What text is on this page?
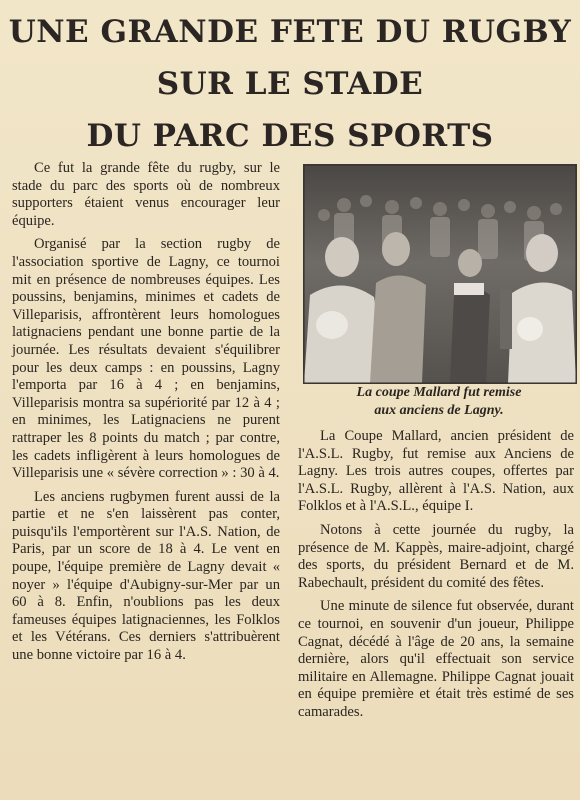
UNE GRANDE FETE DU RUGBY
SUR LE STADE
DU PARC DES SPORTS

Ce fut la grande fête du rugby, sur le stade du parc des sports où de nombreux supporters étaient venus encourager leur équipe.

Organisé par la section rugby de l'association sportive de Lagny, ce tournoi mit en présence de nombreuses équipes. Les poussins, benjamins, minimes et cadets de Villeparisis, affrontèrent leurs homologues latignaciens pendant une bonne partie de la journée. Les résultats devaient s'équilibrer pour les deux camps : en poussins, Lagny l'emporta par 16 à 4 ; en benjamins, Villeparisis montra sa supériorité par 12 à 4 ; en minimes, les Latignaciens ne purent rattraper les 8 points du match ; par contre, les cadets infligèrent à leurs homologues de Villeparisis une « sévère correction » : 30 à 4.

Les anciens rugbymen furent aussi de la partie et ne s'en laissèrent pas conter, puisqu'ils l'emportèrent sur l'A.S. Nation, de Paris, par un score de 18 à 4. Le vent en poupe, l'équipe première de Lagny devait « noyer » l'équipe d'Aubigny-sur-Mer par un 60 à 8. Enfin, n'oublions pas les deux fameuses équipes latignaciennes, les Folklos et les Vétérans. Ces derniers s'attribuèrent une bonne victoire par 16 à 4.

La coupe Mallard fut remise
aux anciens de Lagny.

La Coupe Mallard, ancien président de l'A.S.L. Rugby, fut remise aux Anciens de Lagny. Les trois autres coupes, offertes par l'A.S.L. Rugby, allèrent à l'A.S. Nation, aux Folklos et à l'A.S.L., équipe I.

Notons à cette journée du rugby, la présence de M. Kappès, maire-adjoint, chargé des sports, du président Bernard et de M. Rabechault, président du comité des fêtes.

Une minute de silence fut observée, durant ce tournoi, en souvenir d'un joueur, Philippe Cagnat, décédé à l'âge de 20 ans, la semaine dernière, alors qu'il effectuait son service militaire en Allemagne. Philippe Cagnat jouait en équipe première et était très estimé de ses camarades.
